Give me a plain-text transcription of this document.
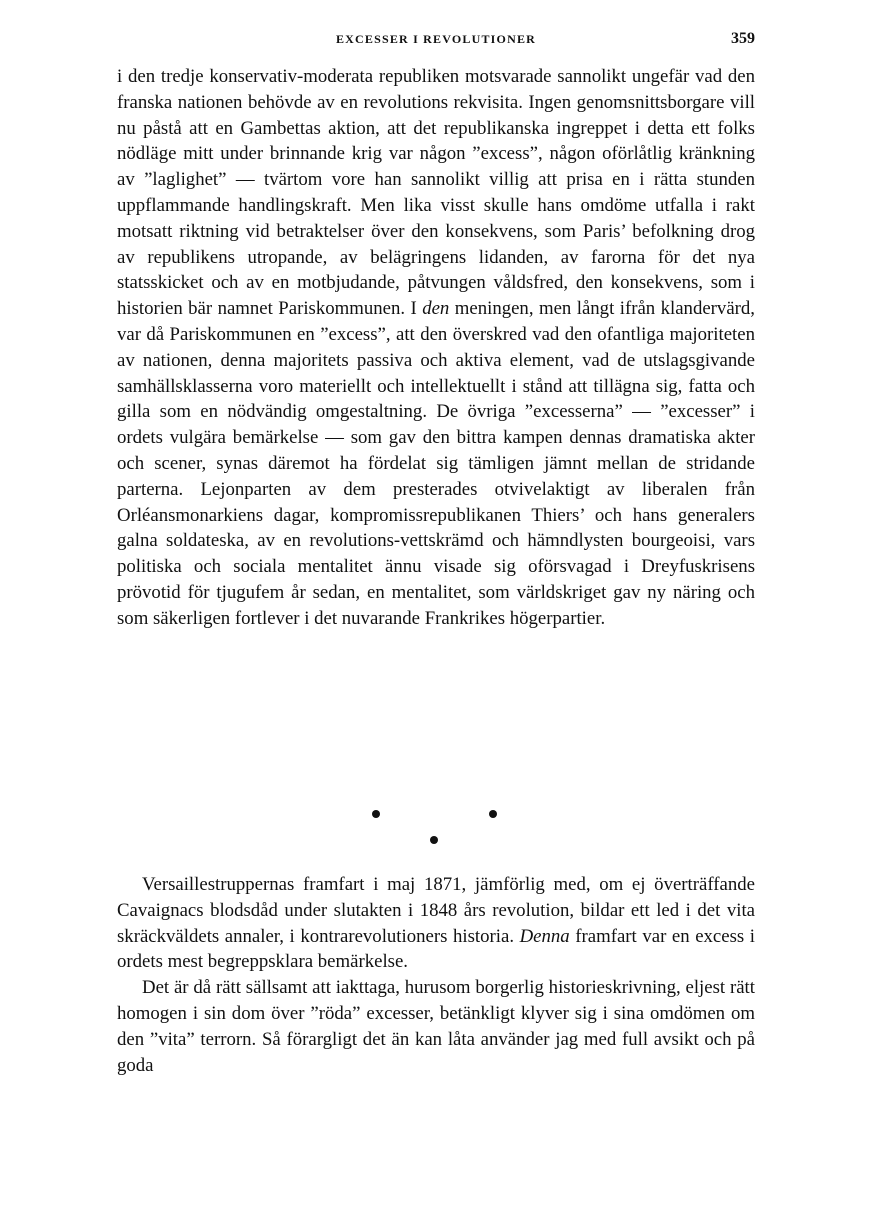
EXCESSER I REVOLUTIONER	359

i den tredje konservativ-moderata republiken motsvarade sannolikt ungefär vad den franska nationen behövde av en revolutions rekvisita. Ingen genomsnittsborgare vill nu påstå att en Gambettas aktion, att det republikanska ingreppet i detta ett folks nödläge mitt under brinnande krig var någon ”excess”, någon oförlåtlig kränkning av ”laglighet” — tvärtom vore han sannolikt villig att prisa en i rätta stunden uppflammande handlingskraft. Men lika visst skulle hans omdöme utfalla i rakt motsatt riktning vid betraktelser över den konsekvens, som Paris’ befolkning drog av republikens utropande, av belägringens lidanden, av farorna för det nya statsskicket och av en motbjudande, påtvungen våldsfred, den konsekvens, som i historien bär namnet Pariskommunen. I den meningen, men långt ifrån klandervärd, var då Pariskommunen en ”excess”, att den överskred vad den ofantliga majoriteten av nationen, denna majoritets passiva och aktiva element, vad de utslagsgivande samhällsklasserna voro materiellt och intellektuellt i stånd att tillägna sig, fatta och gilla som en nödvändig omgestaltning. De övriga ”excesserna” — ”excesser” i ordets vulgära bemärkelse — som gav den bittra kampen dennas dramatiska akter och scener, synas däremot ha fördelat sig tämligen jämnt mellan de stridande parterna. Lejonparten av dem presterades otvivelaktigt av liberalen från Orléansmonarkiens dagar, kompromissrepublikanen Thiers’ och hans generalers galna soldateska, av en revolutions-vettskrämd och hämndlysten bourgeoisi, vars politiska och sociala mentalitet ännu visade sig oförsvagad i Dreyfuskrisens prövotid för tjugufem år sedan, en mentalitet, som världskriget gav ny näring och som säkerligen fortlever i det nuvarande Frankrikes högerpartier.

Versaillestruppernas framfart i maj 1871, jämförlig med, om ej överträffande Cavaignacs blodsdåd under slutakten i 1848 års revolution, bildar ett led i det vita skräckväldets annaler, i kontrarevolutioners historia. Denna framfart var en excess i ordets mest begreppsklara bemärkelse.

Det är då rätt sällsamt att iakttaga, hurusom borgerlig historieskrivning, eljest rätt homogen i sin dom över ”röda” excesser, betänkligt klyver sig i sina omdömen om den ”vita” terrorn. Så förargligt det än kan låta använder jag med full avsikt och på goda
